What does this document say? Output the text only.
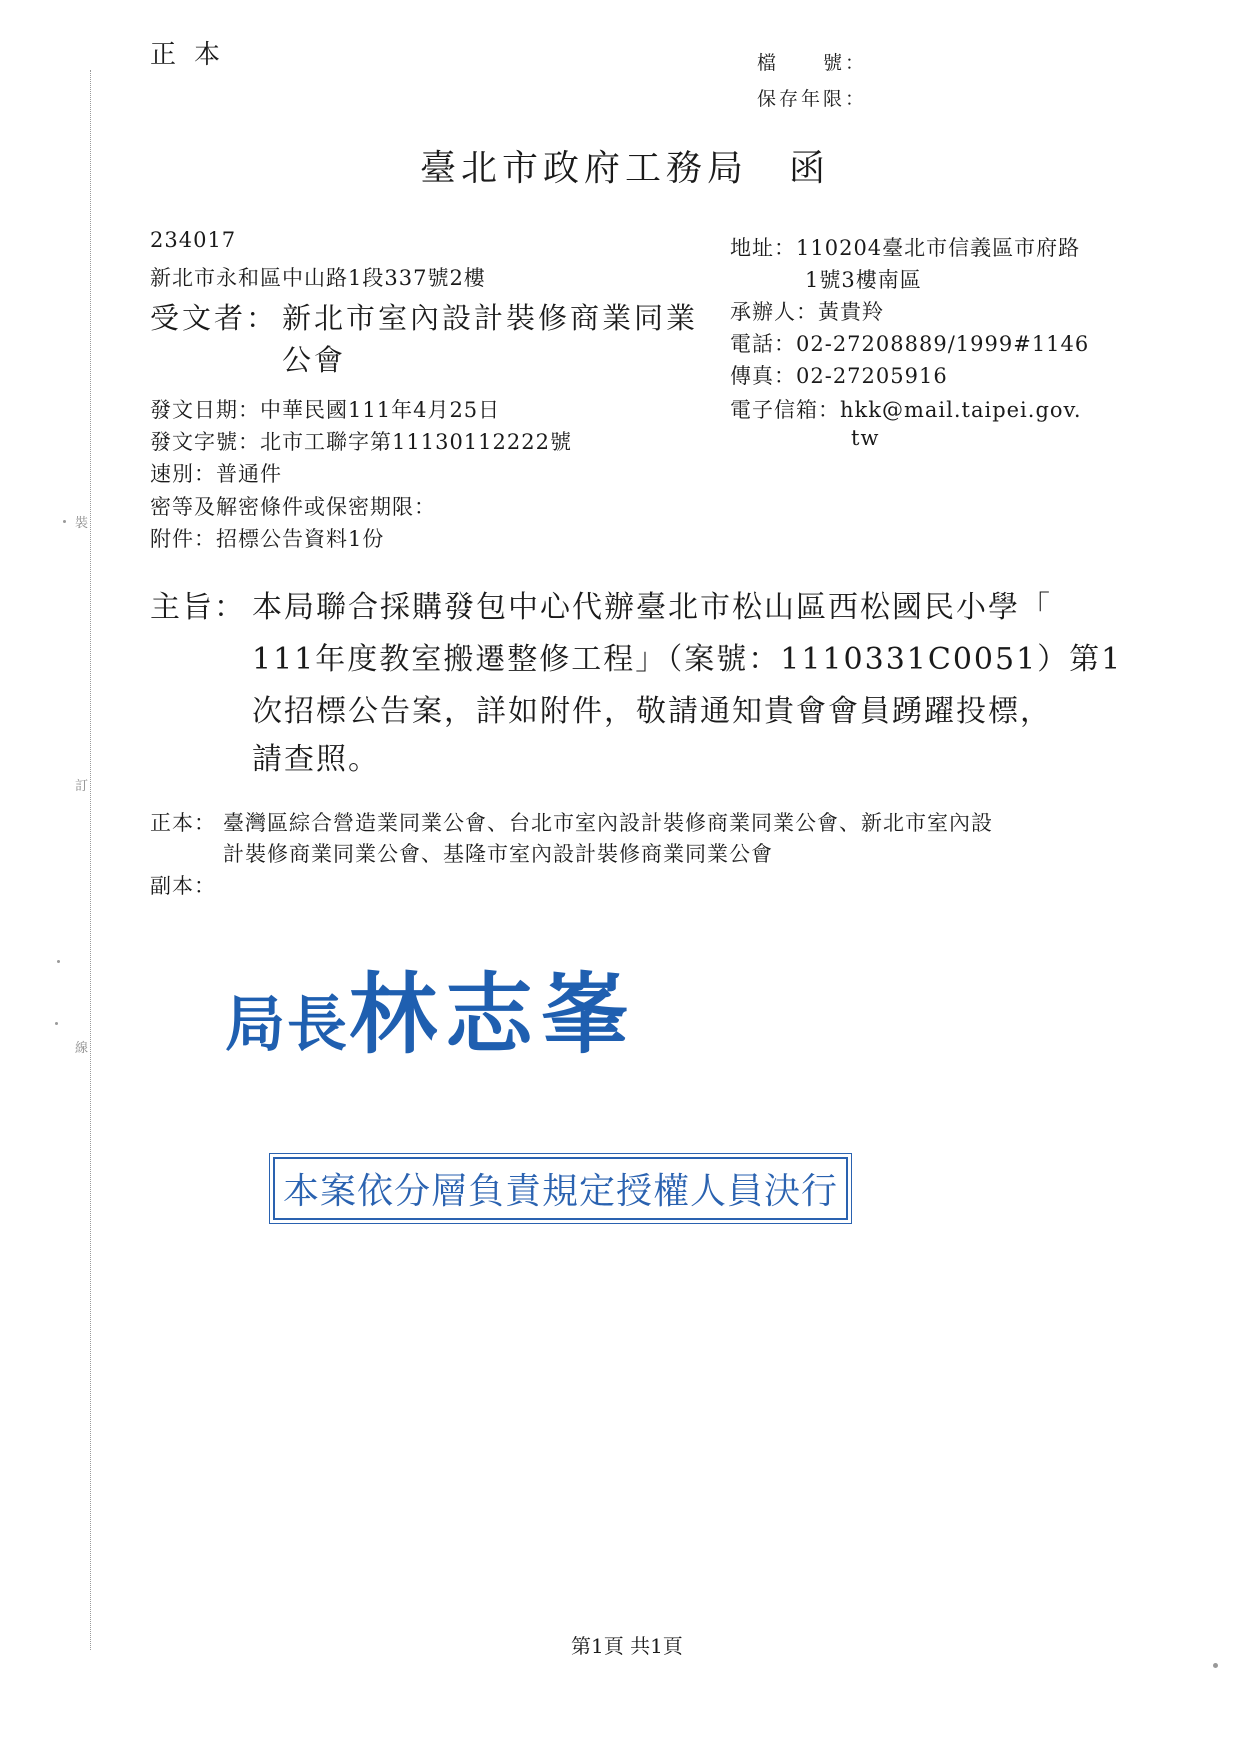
裝
訂
線
正本	檔　　號：
保存年限：
臺北市政府工務局　函
234017
新北市永和區中山路1段337號2樓
受文者： 新北市室內設計裝修商業同業
公會
地址：110204臺北市信義區市府路
1號3樓南區
承辦人：黃貴羚
電話：02-27208889/1999#1146
傳真：02-27205916
電子信箱：hkk@mail.taipei.gov.
tw
發文日期：中華民國111年4月25日
發文字號：北市工聯字第11130112222號
速別：普通件
密等及解密條件或保密期限：
附件：招標公告資料1份
主旨： 本局聯合採購發包中心代辦臺北市松山區西松國民小學「
111年度教室搬遷整修工程」（案號：1110331C0051）第1
次招標公告案，詳如附件，敬請通知貴會會員踴躍投標，
請查照。
正本： 臺灣區綜合營造業同業公會、台北市室內設計裝修商業同業公會、新北市室內設
計裝修商業同業公會、基隆市室內設計裝修商業同業公會
副本：
局長林志峯
本案依分層負責規定授權人員決行
第1頁 共1頁
